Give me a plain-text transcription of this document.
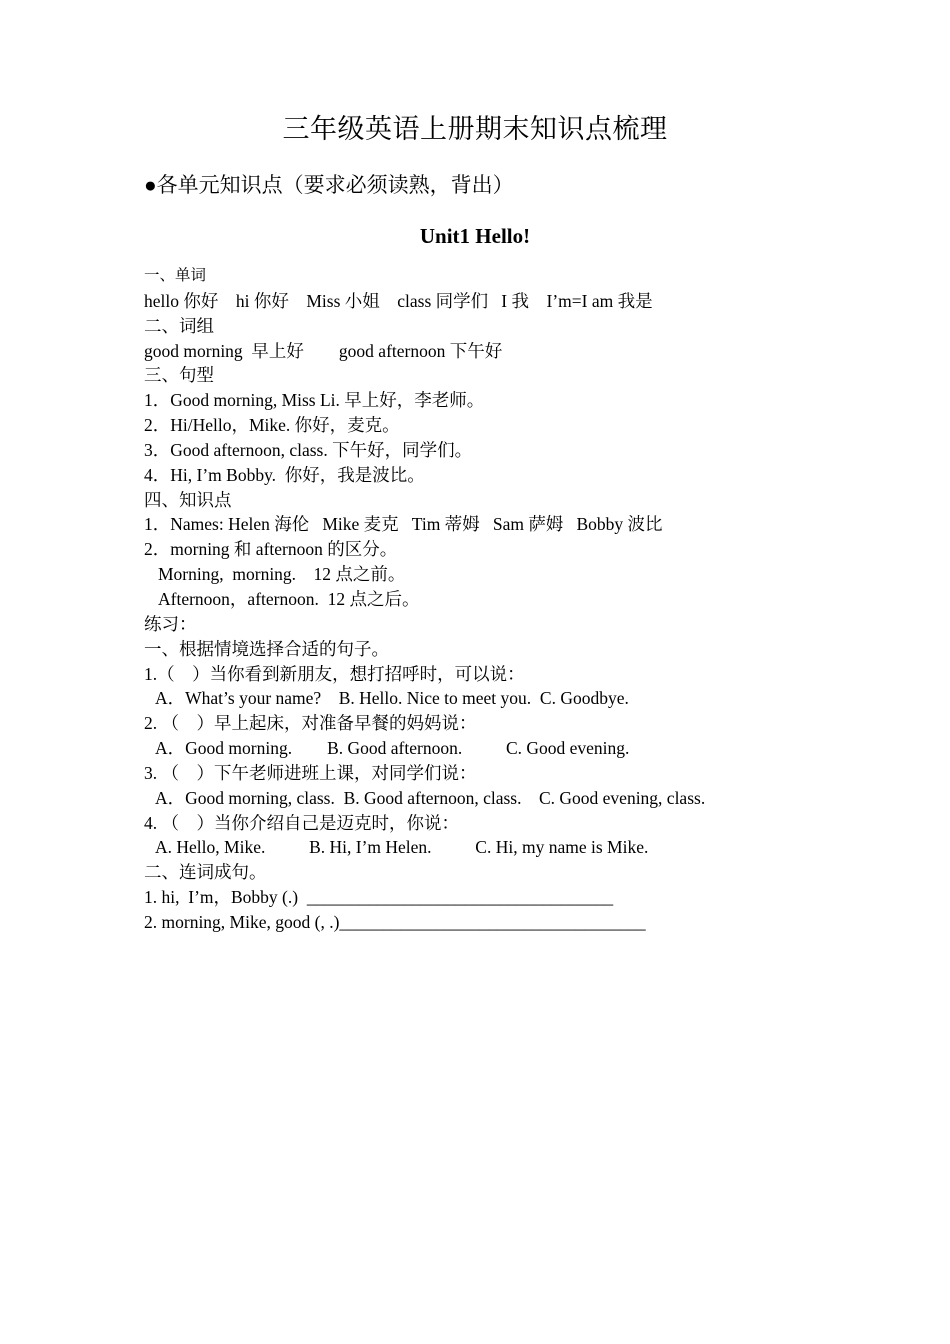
三年级英语上册期末知识点梳理
●各单元知识点（要求必须读熟，背出）
Unit1 Hello!
一、单词
hello 你好    hi 你好    Miss 小姐    class 同学们   I 我    I’m=I am 我是
二、词组
good morning  早上好        good afternoon 下午好
三、句型
1．Good morning, Miss Li. 早上好，李老师。
2．Hi/Hello，Mike. 你好，麦克。
3．Good afternoon, class. 下午好，同学们。
4．Hi, I’m Bobby.  你好，我是波比。
四、知识点
1．Names: Helen 海伦   Mike 麦克   Tim 蒂姆   Sam 萨姆   Bobby 波比
2．morning 和 afternoon 的区分。
Morning,  morning.    12 点之前。
Afternoon，afternoon.  12 点之后。
练习：
一、根据情境选择合适的句子。
1.（    ）当你看到新朋友，想打招呼时，可以说：
A．What’s your name?    B. Hello. Nice to meet you.  C. Goodbye.
2. （    ）早上起床，对准备早餐的妈妈说：
A．Good morning.        B. Good afternoon.          C. Good evening.
3. （    ）下午老师进班上课，对同学们说：
A．Good morning, class.  B. Good afternoon, class.    C. Good evening, class.
4. （    ）当你介绍自己是迈克时，你说：
A. Hello, Mike.          B. Hi, I’m Helen.          C. Hi, my name is Mike.
二、连词成句。
1. hi,  I’m，Bobby (.)  ___________________________________
2. morning, Mike, good (, .)___________________________________
